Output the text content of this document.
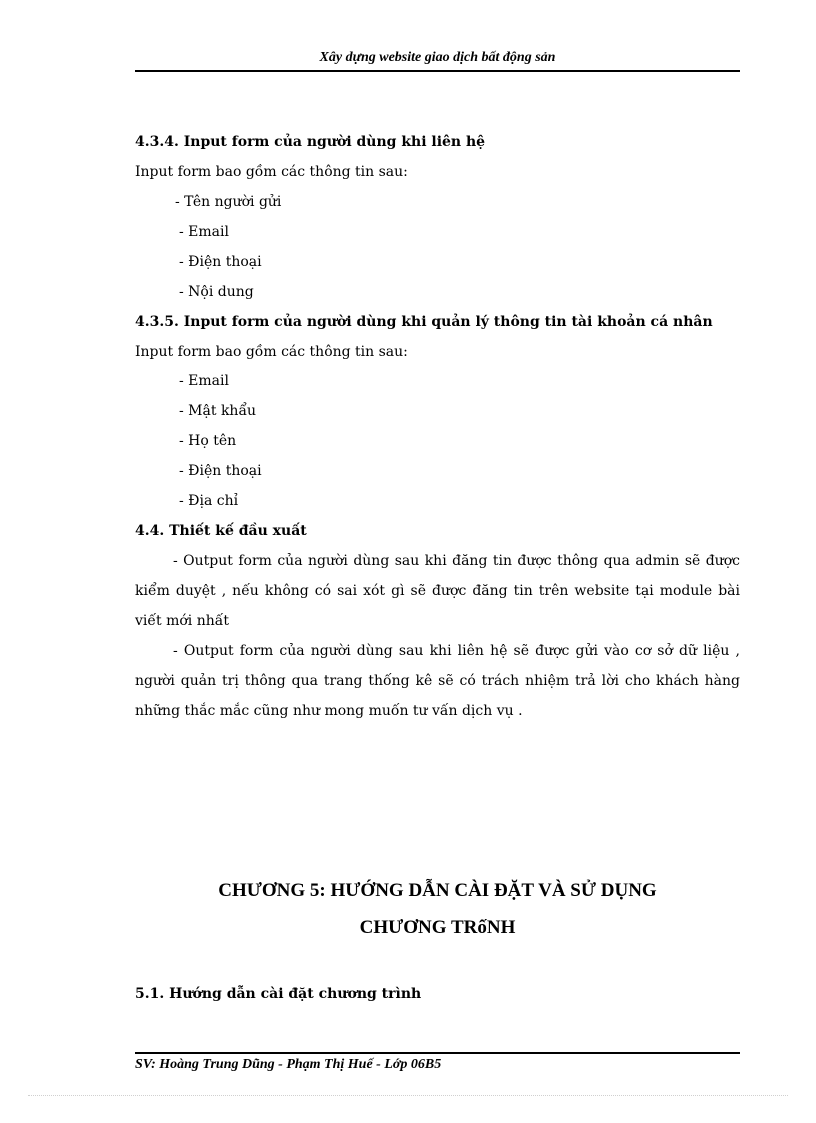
Xây dựng website giao dịch bất động sản
4.3.4. Input form của người dùng khi liên hệ
Input form bao gồm các thông tin sau:
- Tên người gửi
- Email
- Điện thoại
- Nội dung
4.3.5. Input form của người dùng khi quản lý thông tin tài khoản cá nhân
Input form bao gồm các thông tin sau:
- Email
- Mật khẩu
- Họ tên
- Điện thoại
- Địa chỉ
4.4. Thiết kế đầu xuất
- Output form của người dùng sau khi đăng tin được thông qua admin sẽ được kiểm duyệt , nếu không có sai xót gì sẽ được đăng tin trên website tại module bài viết mới nhất
- Output form của người dùng sau khi liên hệ sẽ được gửi vào cơ sở dữ liệu , người quản trị thông qua trang thống kê sẽ có trách nhiệm trả lời cho khách hàng những thắc mắc cũng như mong muốn tư vấn dịch vụ .
CHƯƠNG 5: HƯỚNG DẪN CÀI ĐẶT VÀ SỬ DỤNG
CHƯƠNG TRốNH
5.1. Hướng dẫn cài đặt chương trình
SV: Hoàng Trung Dũng - Phạm Thị Huế - Lớp 06B5
